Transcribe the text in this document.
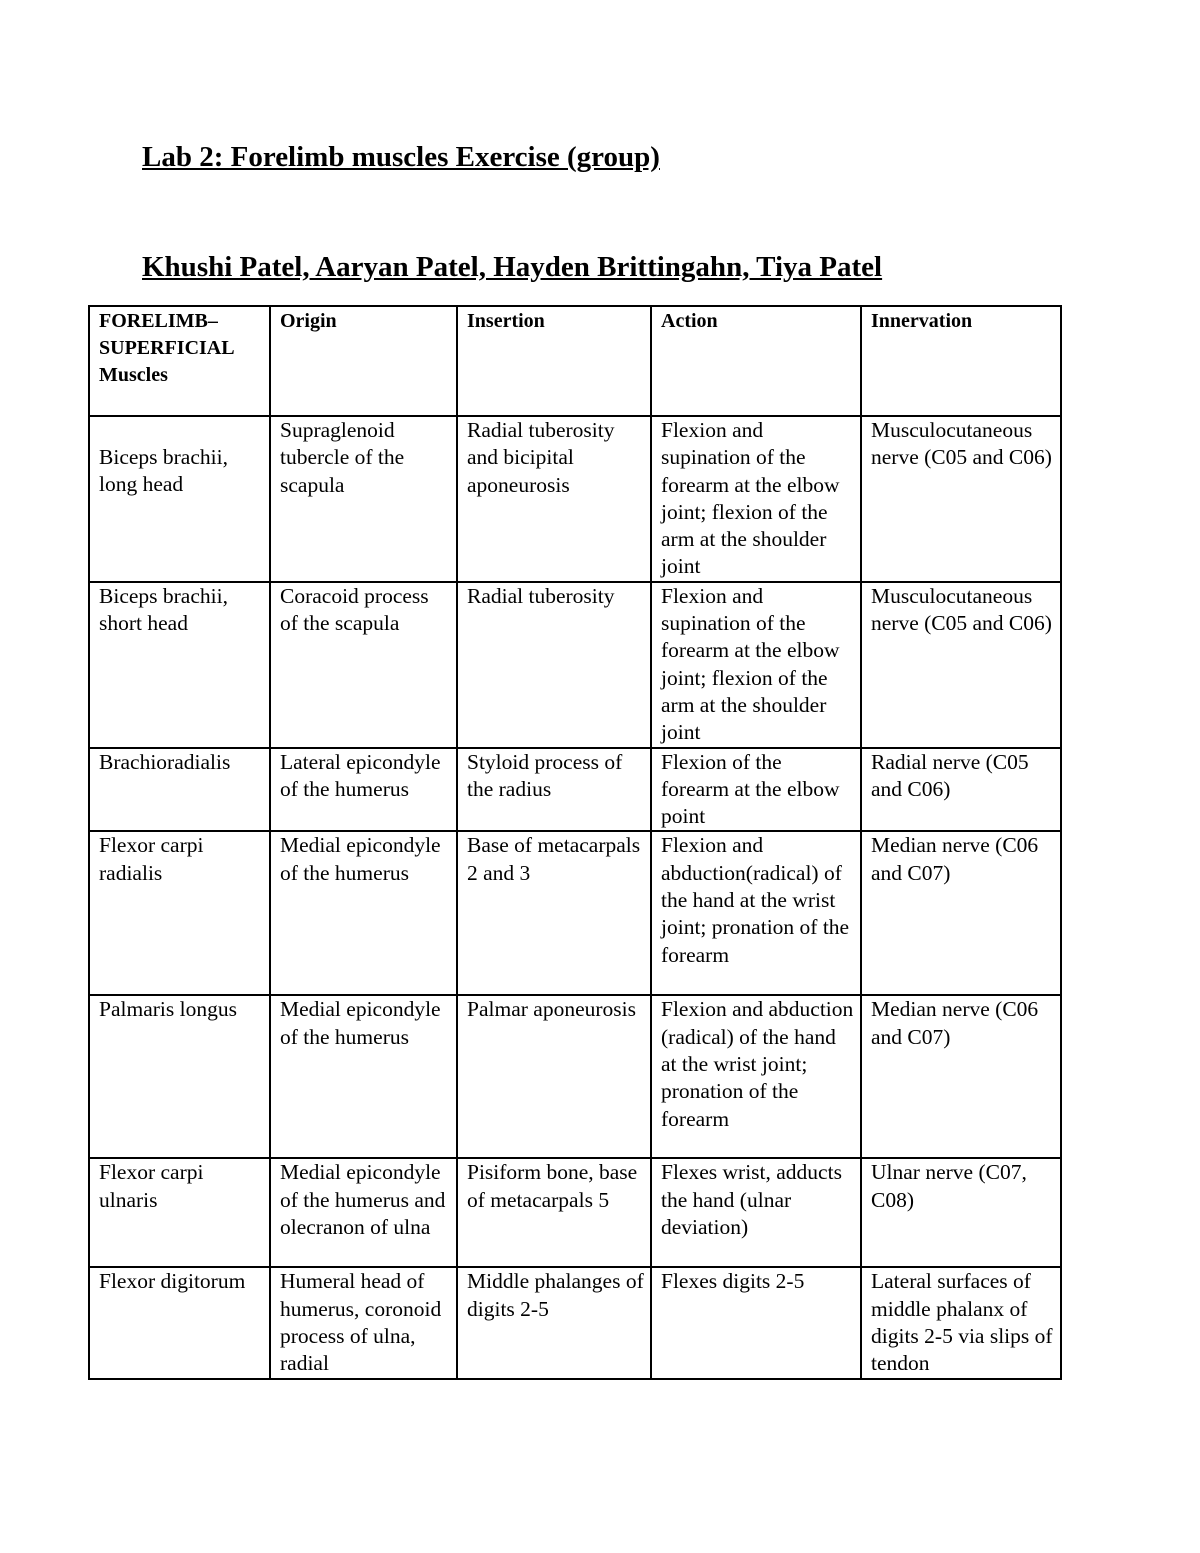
Lab 2: Forelimb muscles Exercise (group)
Khushi Patel, Aaryan Patel, Hayden Brittingahn, Tiya Patel
FORELIMB–SUPERFICIAL Muscles	Origin	Insertion	Action	Innervation
Biceps brachii, long head	Supraglenoid tubercle of the scapula	Radial tuberosity and bicipital aponeurosis	Flexion and supination of the forearm at the elbow joint; flexion of the arm at the shoulder joint	Musculocutaneous nerve (C05 and C06)
Biceps brachii, short head	Coracoid process of the scapula	Radial tuberosity	Flexion and supination of the forearm at the elbow joint; flexion of the arm at the shoulder joint	Musculocutaneous nerve (C05 and C06)
Brachioradialis	Lateral epicondyle of the humerus	Styloid process of the radius	Flexion of the forearm at the elbow point	Radial nerve (C05 and C06)
Flexor carpi radialis	Medial epicondyle of the humerus	Base of metacarpals 2 and 3	Flexion and abduction(radical) of the hand at the wrist joint; pronation of the forearm	Median nerve (C06 and C07)
Palmaris longus	Medial epicondyle of the humerus	Palmar aponeurosis	Flexion and abduction (radical) of the hand at the wrist joint; pronation of the forearm	Median nerve (C06 and C07)
Flexor carpi ulnaris	Medial epicondyle of the humerus and olecranon of ulna	Pisiform bone, base of metacarpals 5	Flexes wrist, adducts the hand (ulnar deviation)	Ulnar nerve (C07, C08)
Flexor digitorum	Humeral head of humerus, coronoid process of ulna, radial	Middle phalanges of digits 2-5	Flexes digits 2-5	Lateral surfaces of middle phalanx of digits 2-5 via slips of tendon
